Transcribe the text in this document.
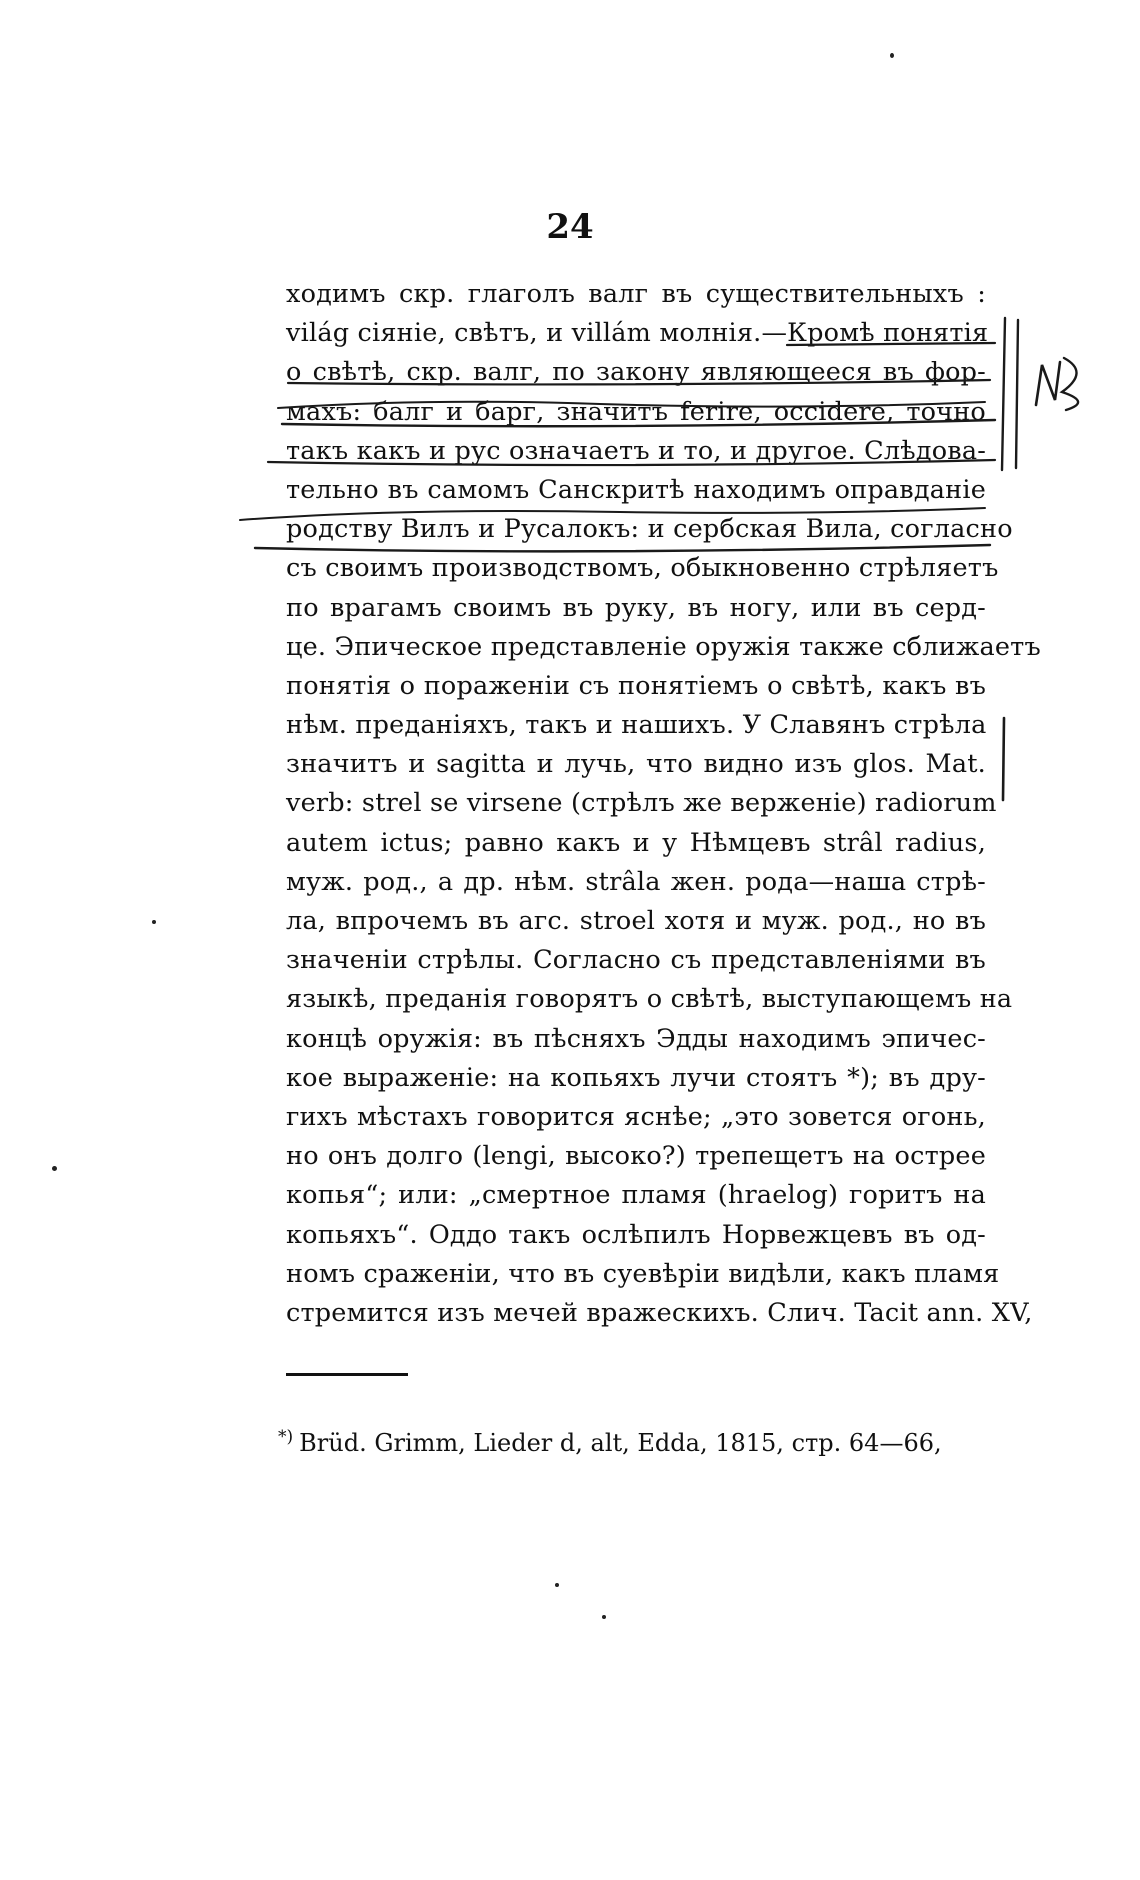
24
ходимъ скр. глаголъ валг въ существительныхъ :
világ сіяніе, свѣтъ, и villám молнія.—Кромѣ понятія
о свѣтѣ, скр. валг, по закону являющееся въ фор-
махъ: балг и барг, значитъ ferire, occidere, точно
такъ какъ и рус означаетъ и то, и другое. Слѣдова-
тельно въ самомъ Санскритѣ находимъ оправданіе
родству Вилъ и Русалокъ: и сербская Вила, согласно
съ своимъ производствомъ, обыкновенно стрѣляетъ
по врагамъ своимъ въ руку, въ ногу, или въ серд-
це. Эпическое представленіе оружія также сближаетъ
понятія о пораженіи съ понятіемъ о свѣтѣ, какъ въ
нѣм. преданіяхъ, такъ и нашихъ. У Славянъ стрѣла
значитъ и sagitta и лучь, что видно изъ glos. Mat.
verb: strel se virsene (стрѣлъ же верженіе) radiorum
autem ictus; равно какъ и у Нѣмцевъ strâl radius,
муж. род., а др. нѣм. strâla жен. рода—наша стрѣ-
ла, впрочемъ въ агс. stroel хотя и муж. род., но въ
значеніи стрѣлы. Согласно съ представленіями въ
языкѣ, преданія говорятъ о свѣтѣ, выступающемъ на
концѣ оружія: въ пѣсняхъ Эдды находимъ эпичес-
кое выраженіе: на копьяхъ лучи стоятъ *); въ дру-
гихъ мѣстахъ говорится яснѣе; „это зовется огонь,
но онъ долго (lengi, высоко?) трепещетъ на острее
копья“; или: „смертное пламя (hraelog) горитъ на
копьяхъ“. Оддо такъ ослѣпилъ Норвежцевъ въ од-
номъ сраженіи, что въ суевѣріи видѣли, какъ пламя
стремится изъ мечей вражескихъ. Слич. Tacit ann. XV,
*) Brüd. Grimm, Lieder d, alt, Edda, 1815, стр. 64—66,
